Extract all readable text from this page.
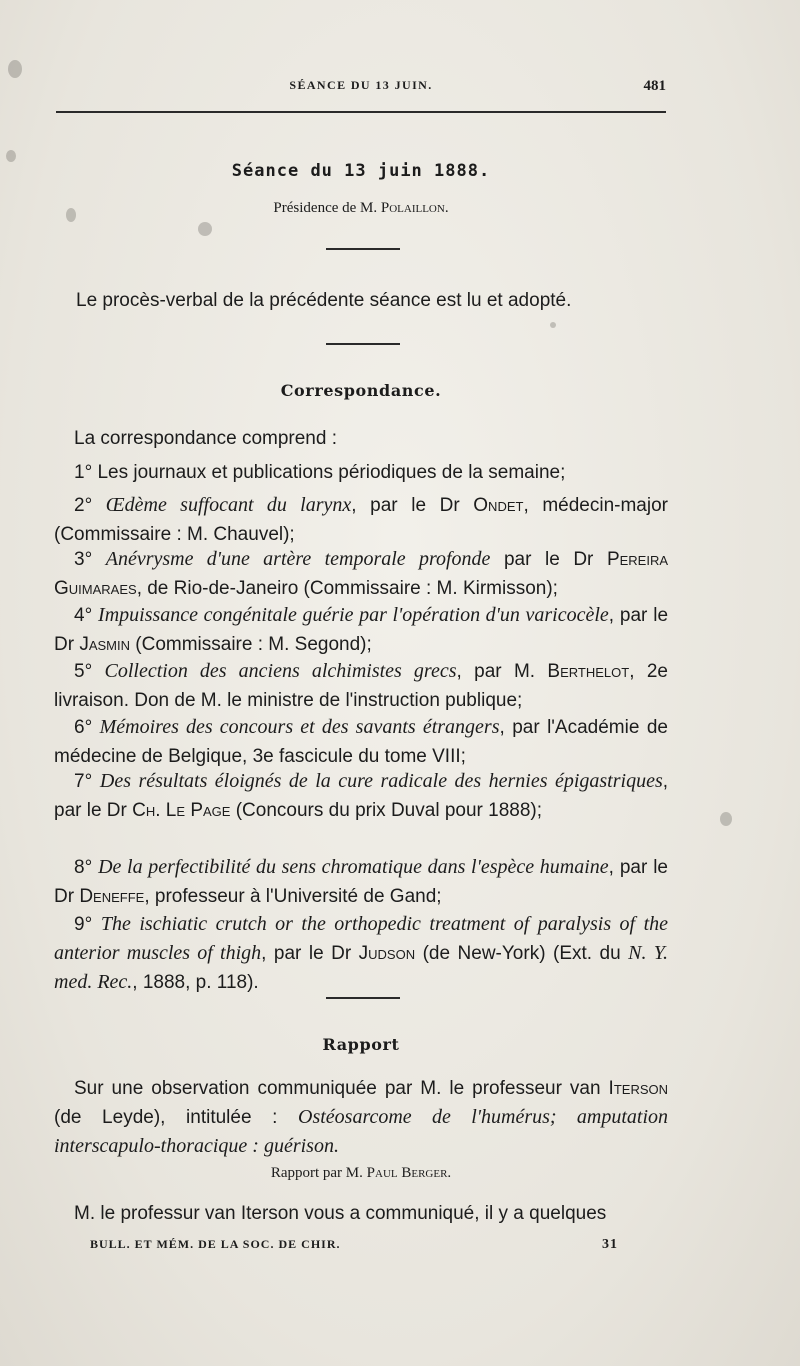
SÉANCE DU 13 JUIN.	481
Séance du 13 juin 1888.
Présidence de M. Polaillon.
Le procès-verbal de la précédente séance est lu et adopté.
Correspondance.
La correspondance comprend :
1° Les journaux et publications périodiques de la semaine;
2° Œdème suffocant du larynx, par le Dr Ondet, médecin-major (Commissaire : M. Chauvel);
3° Anévrysme d'une artère temporale profonde par le Dr Pereira Guimaraes, de Rio-de-Janeiro (Commissaire : M. Kirmisson);
4° Impuissance congénitale guérie par l'opération d'un varicocèle, par le Dr Jasmin (Commissaire : M. Segond);
5° Collection des anciens alchimistes grecs, par M. Berthelot, 2e livraison. Don de M. le ministre de l'instruction publique;
6° Mémoires des concours et des savants étrangers, par l'Académie de médecine de Belgique, 3e fascicule du tome VIII;
7° Des résultats éloignés de la cure radicale des hernies épigastriques, par le Dr Ch. Le Page (Concours du prix Duval pour 1888);
8° De la perfectibilité du sens chromatique dans l'espèce humaine, par le Dr Deneffe, professeur à l'Université de Gand;
9° The ischiatic crutch or the orthopedic treatment of paralysis of the anterior muscles of thigh, par le Dr Judson (de New-York) (Ext. du N. Y. med. Rec., 1888, p. 118).
Rapport
Sur une observation communiquée par M. le professeur van Iterson (de Leyde), intitulée : Ostéosarcome de l'humérus; amputation interscapulo-thoracique : guérison.
Rapport par M. Paul Berger.
M. le professur van Iterson vous a communiqué, il y a quelques
BULL. ET MÉM. DE LA SOC. DE CHIR.	31
